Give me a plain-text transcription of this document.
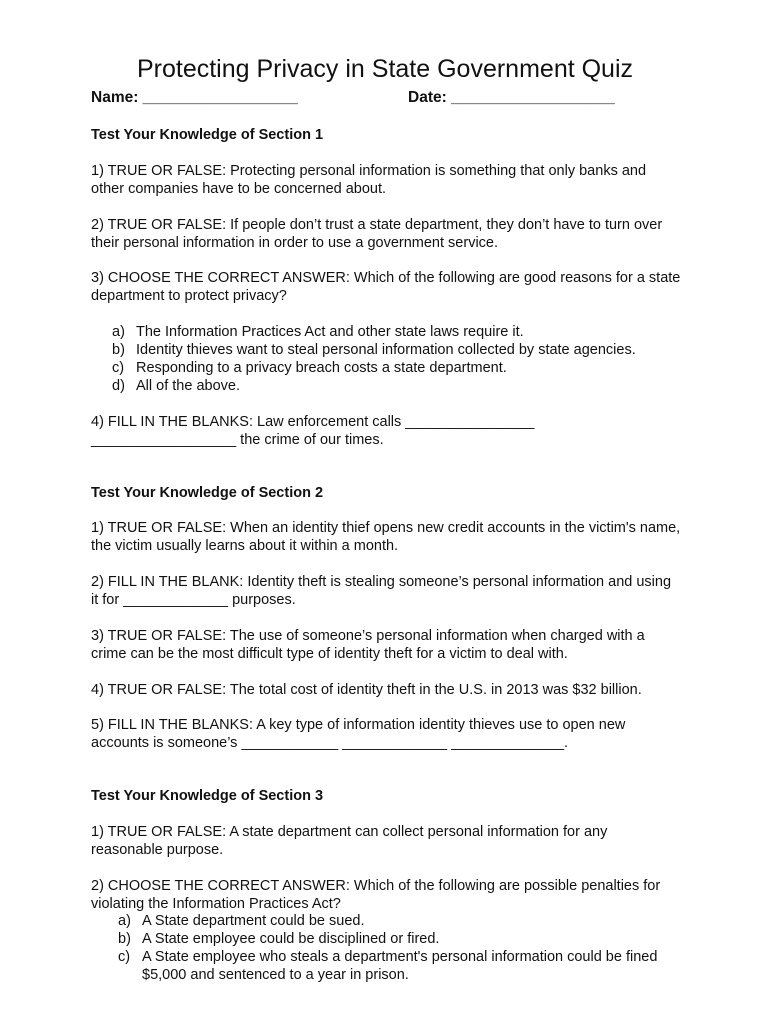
Protecting Privacy in State Government Quiz
Name: __________________	Date: ___________________
Test Your Knowledge of Section 1
1) TRUE OR FALSE: Protecting personal information is something that only banks and other companies have to be concerned about.
2) TRUE OR FALSE: If people don’t trust a state department, they don’t have to turn over their personal information in order to use a government service.
3) CHOOSE THE CORRECT ANSWER: Which of the following are good reasons for a state department to protect privacy?
a) The Information Practices Act and other state laws require it.
b) Identity thieves want to steal personal information collected by state agencies.
c) Responding to a privacy breach costs a state department.
d) All of the above.
4) FILL IN THE BLANKS: Law enforcement calls ________________ __________________ the crime of our times.
Test Your Knowledge of Section 2
1) TRUE OR FALSE: When an identity thief opens new credit accounts in the victim's name, the victim usually learns about it within a month.
2) FILL IN THE BLANK: Identity theft is stealing someone’s personal information and using it for _____________ purposes.
3) TRUE OR FALSE: The use of someone’s personal information when charged with a crime can be the most difficult type of identity theft for a victim to deal with.
4) TRUE OR FALSE: The total cost of identity theft in the U.S. in 2013 was $32 billion.
5) FILL IN THE BLANKS: A key type of information identity thieves use to open new accounts is someone’s ____________ _____________ ______________.
Test Your Knowledge of Section 3
1) TRUE OR FALSE: A state department can collect personal information for any reasonable purpose.
2) CHOOSE THE CORRECT ANSWER: Which of the following are possible penalties for violating the Information Practices Act?
a) A State department could be sued.
b) A State employee could be disciplined or fired.
c) A State employee who steals a department's personal information could be fined $5,000 and sentenced to a year in prison.
